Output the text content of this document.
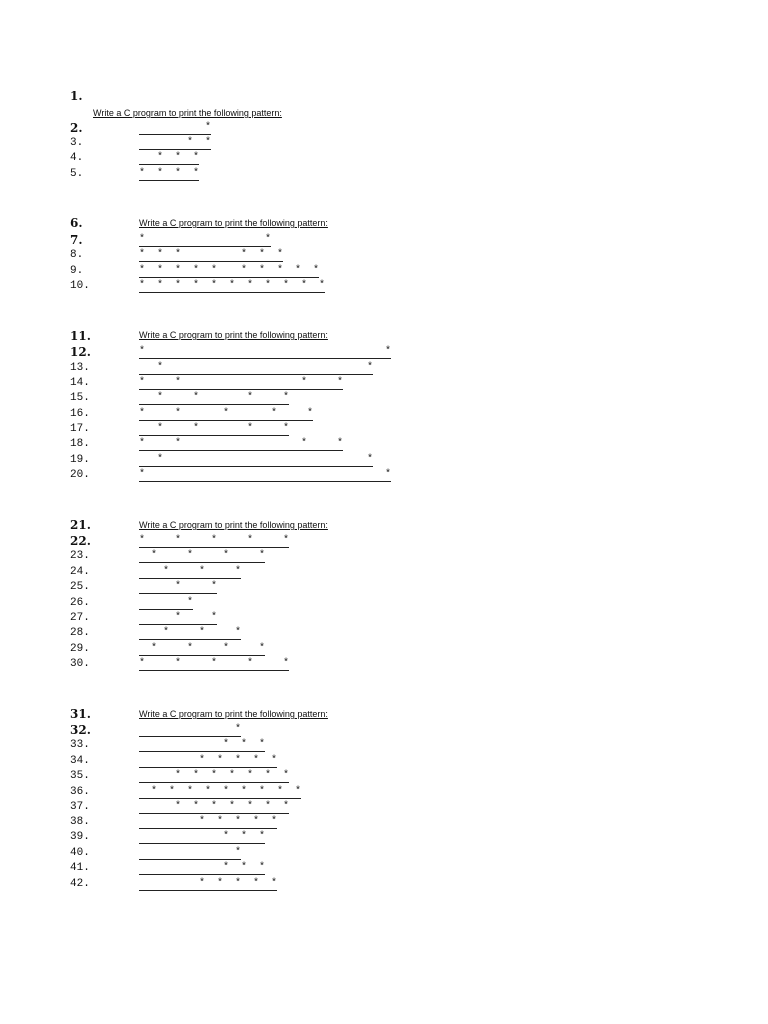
1.
2.	*
3.	*  *
4.	*  *  *
5.	*  *  *  *
6.
7.	*                    *
8.	*  *  *          *  *  *
9.	*  *  *  *  *    *  *  *  *  *
10.	*  *  *  *  *  *  *  *  *  *  *
11.
12.	*                                        *
13.	*                                  *
14.	*     *                    *     *
15.	*     *        *     *
16.	*     *       *       *     *
17.	*     *        *     *
18.	*     *                    *     *
19.	*                                  *
20.	*                                        *
21.
22.	*     *     *     *     *
23.	*     *     *     *
24.	*     *     *
25.	*     *
26.	*
27.	*     *
28.	*     *     *
29.	*     *     *     *
30.	*     *     *     *     *
31.
32.	*
33.	*  *  *
34.	*  *  *  *  *
35.	*  *  *  *  *  *  *
36.	*  *  *  *  *  *  *  *  *
37.	*  *  *  *  *  *  *
38.	*  *  *  *  *
39.	*  *  *
40.	*
41.	*  *  *
42.	*  *  *  *  *
Write a C program to print the following pattern:
Write a C program to print the following pattern:
Write a C program to print the following pattern:
Write a C program to print the following pattern:
Write a C program to print the following pattern:
